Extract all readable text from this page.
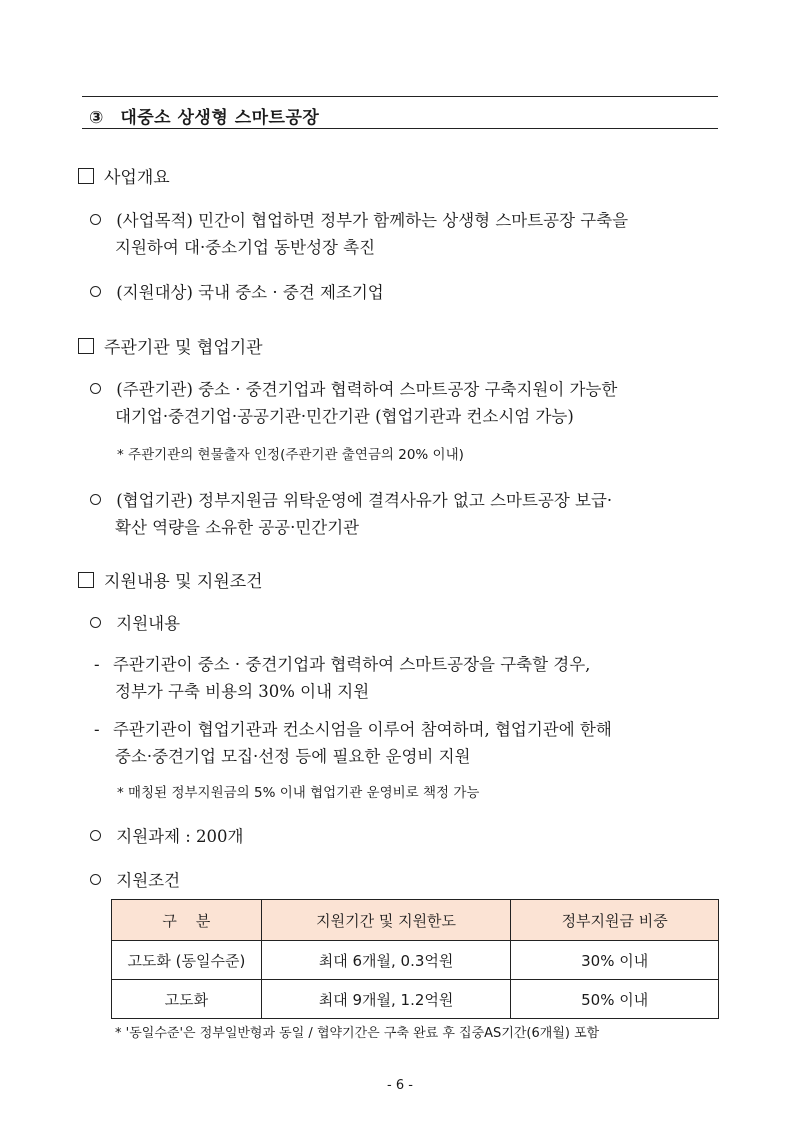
③ 대중소 상생형 스마트공장
사업개요
(사업목적) 민간이 협업하면 정부가 함께하는 상생형 스마트공장 구축을
지원하여 대·중소기업 동반성장 촉진
(지원대상) 국내 중소 · 중견 제조기업
주관기관 및 협업기관
(주관기관) 중소 · 중견기업과 협력하여 스마트공장 구축지원이 가능한
대기업·중견기업·공공기관·민간기관 (협업기관과 컨소시엄 가능)
* 주관기관의 현물출자 인정(주관기관 출연금의 20% 이내)
(협업기관) 정부지원금 위탁운영에 결격사유가 없고 스마트공장 보급·
확산 역량을 소유한 공공·민간기관
지원내용 및 지원조건
지원내용
- 주관기관이 중소 · 중견기업과 협력하여 스마트공장을 구축할 경우,
정부가 구축 비용의 30% 이내 지원
- 주관기관이 협업기관과 컨소시엄을 이루어 참여하며, 협업기관에 한해
중소·중견기업 모집·선정 등에 필요한 운영비 지원
* 매칭된 정부지원금의 5% 이내 협업기관 운영비로 책정 가능
지원과제 : 200개
지원조건
구    분	지원기간 및 지원한도	정부지원금 비중
고도화 (동일수준)	최대 6개월, 0.3억원	30% 이내
고도화	최대 9개월, 1.2억원	50% 이내
* '동일수준'은 정부일반형과 동일 / 협약기간은 구축 완료 후 집중AS기간(6개월) 포함
- 6 -
